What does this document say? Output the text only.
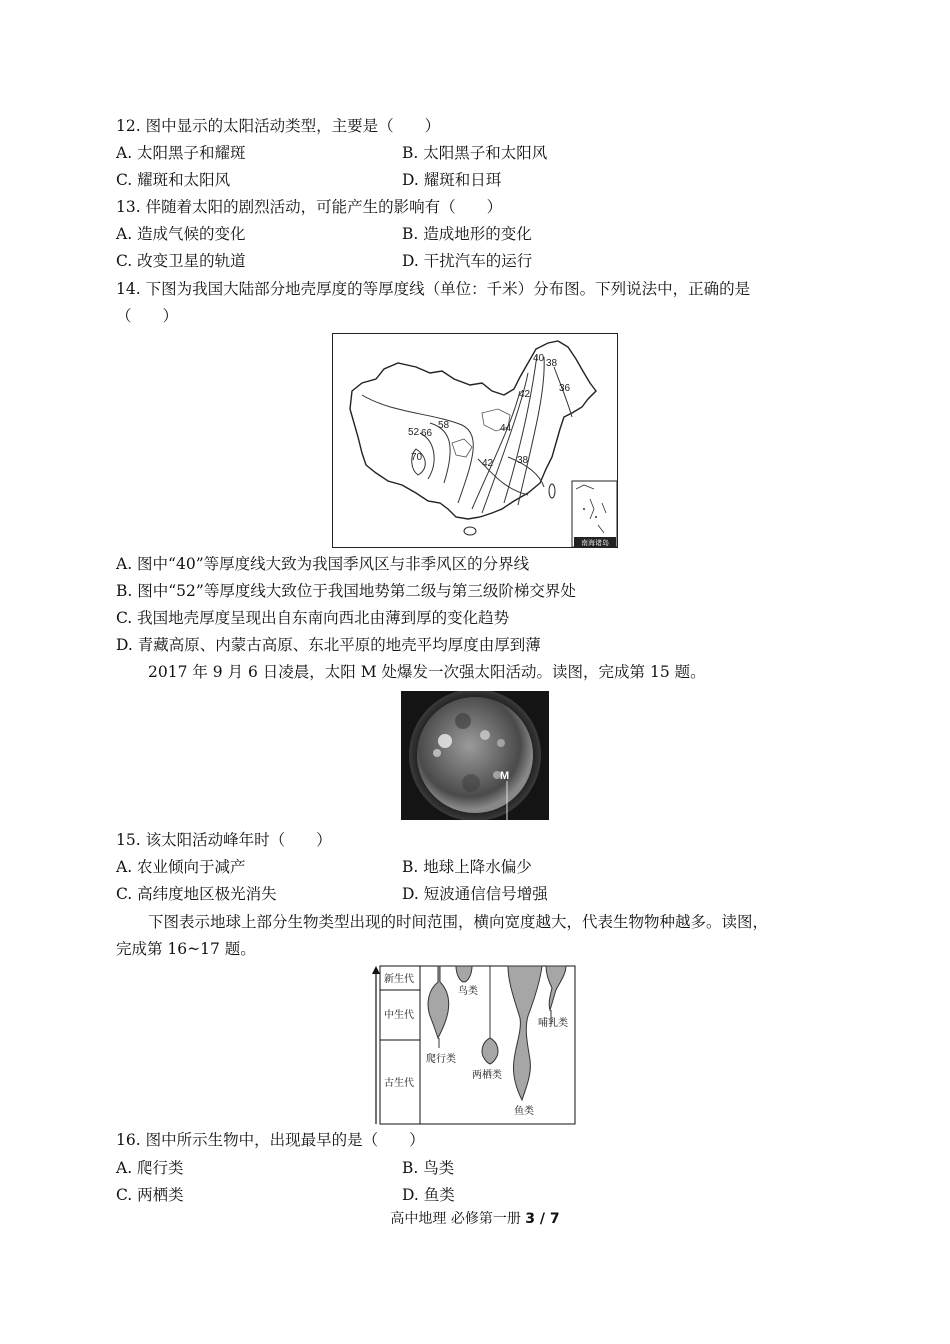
12. 图中显示的太阳活动类型，主要是（　　）
A. 太阳黑子和耀斑	B. 太阳黑子和太阳风
C. 耀斑和太阳风	D. 耀斑和日珥
13. 伴随着太阳的剧烈活动，可能产生的影响有（　　）
A. 造成气候的变化	B. 造成地形的变化
C. 改变卫星的轨道	D. 干扰汽车的运行
14. 下图为我国大陆部分地壳厚度的等厚度线（单位：千米）分布图。下列说法中，正确的是
（　　）
40 38
36
42
44
52
58
66
70
42 38
南海诸岛
A. 图中“40”等厚度线大致为我国季风区与非季风区的分界线
B. 图中“52”等厚度线大致位于我国地势第二级与第三级阶梯交界处
C. 我国地壳厚度呈现出自东南向西北由薄到厚的变化趋势
D. 青藏高原、内蒙古高原、东北平原的地壳平均厚度由厚到薄
2017 年 9 月 6 日凌晨，太阳 M 处爆发一次强太阳活动。读图，完成第 15 题。
M
15. 该太阳活动峰年时（　　）
A. 农业倾向于减产	B. 地球上降水偏少
C. 高纬度地区极光消失	D. 短波通信信号增强
下图表示地球上部分生物类型出现的时间范围，横向宽度越大，代表生物物种越多。读图，
完成第 16~17 题。
新生代
中生代
古生代
爬行类
鸟类
两栖类
鱼类
哺乳类
16. 图中所示生物中，出现最早的是（　　）
A. 爬行类	B. 鸟类
C. 两栖类	D. 鱼类
高中地理 必修第一册 3 / 7
